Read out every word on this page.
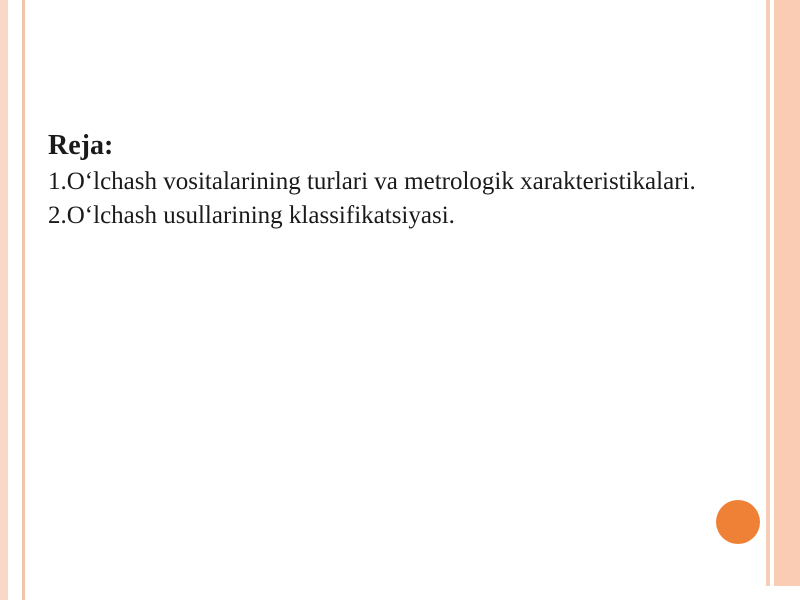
Reja:
1.O‘lchash vositalarining turlari va metrologik xarakteristikalari.
2.O‘lchash usullarining klassifikatsiyasi.
